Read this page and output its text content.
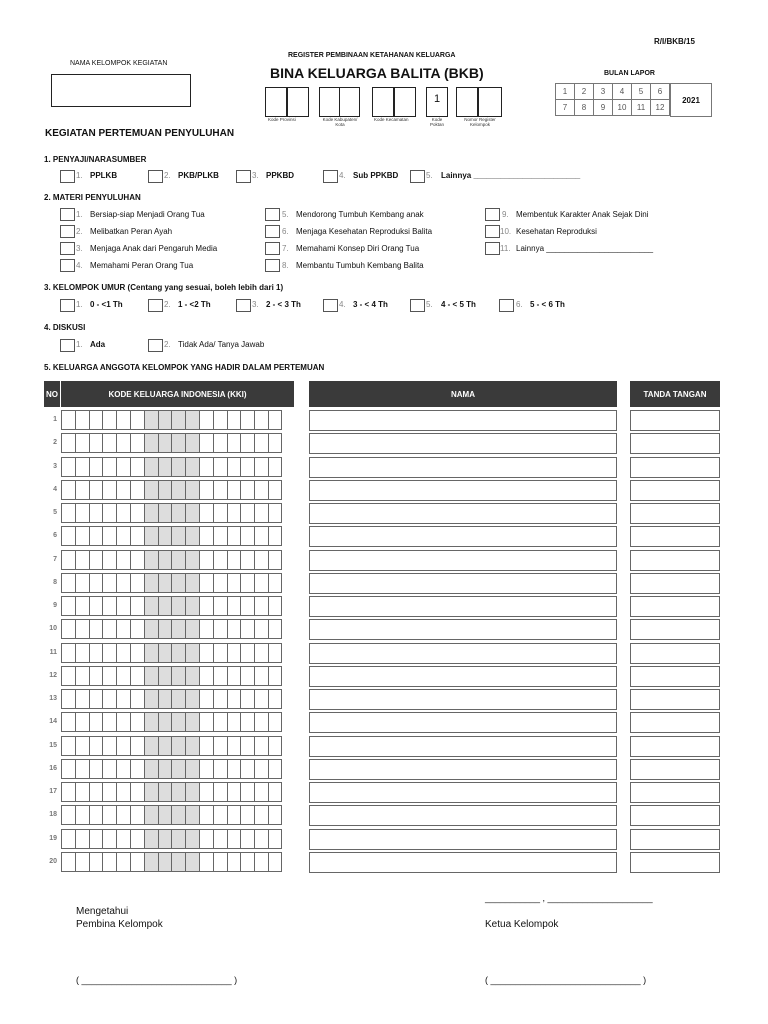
R/I/BKB/15
NAMA KELOMPOK KEGIATAN
REGISTER PEMBINAAN KETAHANAN KELUARGA
BINA KELUARGA BALITA (BKB)
1
Kode Provinsi	Kode Kabupaten/ Kota
Kode Kecamatan	Kode Poktan
Nomor Register Kelompok
BULAN LAPOR
1	2	3	4	5	6
7	8	9	10	11	12
2021
KEGIATAN PERTEMUAN PENYULUHAN
1. PENYAJI/NARASUMBER
1. PPLKB	2. PKB/PLKB	3. PPKBD	4. Sub PPKBD	5. Lainnya ________________________
2. MATERI PENYULUHAN
1. Bersiap-siap Menjadi Orang Tua
2. Melibatkan Peran Ayah
3. Menjaga Anak dari Pengaruh Media
4. Memahami Peran Orang Tua
5. Mendorong Tumbuh Kembang anak
6. Menjaga Kesehatan Reproduksi Balita
7. Memahami Konsep Diri Orang Tua
8. Membantu Tumbuh Kembang Balita
9. Membentuk Karakter Anak Sejak Dini
10. Kesehatan Reproduksi
11. Lainnya ________________________
3. KELOMPOK UMUR (Centang yang sesuai, boleh lebih dari 1)
1. 0 - <1 Th	2. 1 - <2 Th	3. 2 - < 3 Th	4. 3 - < 4 Th	5. 4 - < 5 Th	6. 5 - < 6 Th
4. DISKUSI
1. Ada	2. Tidak Ada/ Tanya Jawab
5. KELUARGA ANGGOTA KELOMPOK YANG HADIR DALAM PERTEMUAN
NO	KODE KELUARGA INDONESIA (KKI)	NAMA	TANDA TANGAN
1
2
3
4
5
6
7
8
9
10
11
12
13
14
15
16
17
18
19
20
___________ , _____________________
Mengetahui
Pembina Kelompok	Ketua Kelompok
( ______________________________ )	( ______________________________ )
